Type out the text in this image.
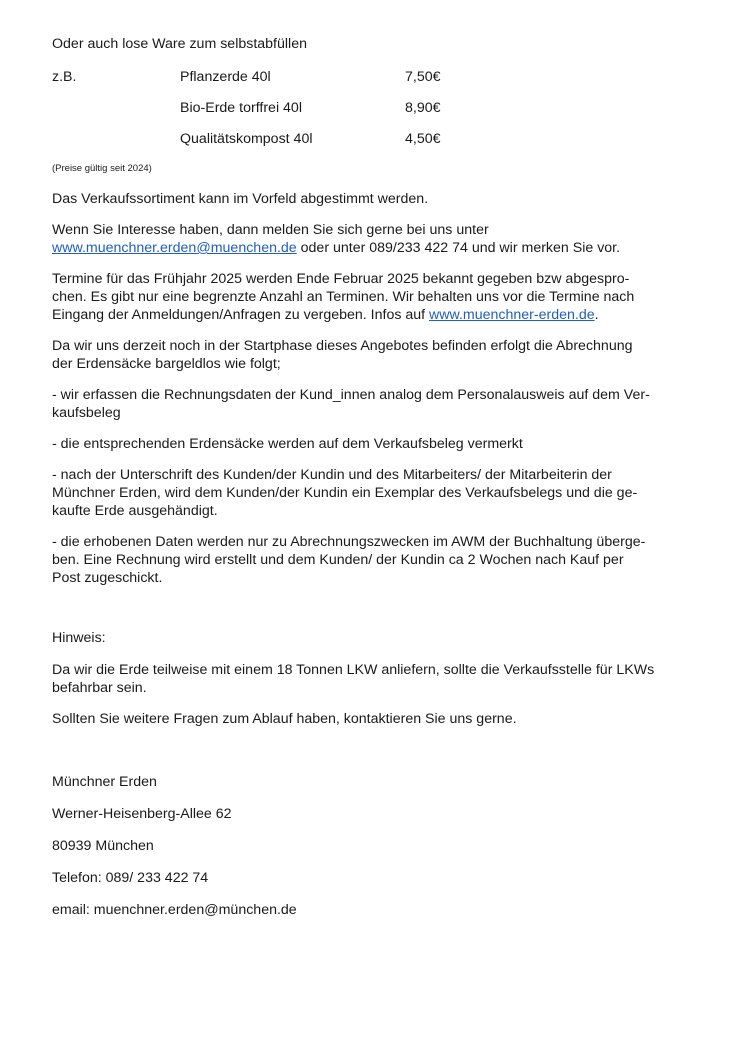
Oder auch lose Ware zum selbstabfüllen
z.B.	Pflanzerde 40l	7,50€
Bio-Erde torffrei 40l	8,90€
Qualitätskompost 40l	4,50€
(Preise gültig seit 2024)
Das Verkaufssortiment kann im Vorfeld abgestimmt werden.
Wenn Sie Interesse haben, dann melden Sie sich gerne bei uns unter
www.muenchner.erden@muenchen.de oder unter 089/233 422 74 und wir merken Sie vor.
Termine für das Frühjahr 2025 werden Ende Februar 2025 bekannt gegeben bzw abgespro-
chen. Es gibt nur eine begrenzte Anzahl an Terminen. Wir behalten uns vor die Termine nach
Eingang der Anmeldungen/Anfragen zu vergeben. Infos auf www.muenchner-erden.de.
Da wir uns derzeit noch in der Startphase dieses Angebotes befinden erfolgt die Abrechnung
der Erdensäcke bargeldlos wie folgt;
- wir erfassen die Rechnungsdaten der Kund_innen analog dem Personalausweis auf dem Ver-
kaufsbeleg
- die entsprechenden Erdensäcke werden auf dem Verkaufsbeleg vermerkt
- nach der Unterschrift des Kunden/der Kundin und des Mitarbeiters/ der Mitarbeiterin der
Münchner Erden, wird dem Kunden/der Kundin ein Exemplar des Verkaufsbelegs und die ge-
kaufte Erde ausgehändigt.
- die erhobenen Daten werden nur zu Abrechnungszwecken im AWM der Buchhaltung überge-
ben. Eine Rechnung wird erstellt und dem Kunden/ der Kundin ca 2 Wochen nach Kauf per
Post zugeschickt.
Hinweis:
Da wir die Erde teilweise mit einem 18 Tonnen LKW anliefern, sollte die Verkaufsstelle für LKWs
befahrbar sein.
Sollten Sie weitere Fragen zum Ablauf haben, kontaktieren Sie uns gerne.
Münchner Erden
Werner-Heisenberg-Allee 62
80939 München
Telefon: 089/ 233 422 74
email: muenchner.erden@münchen.de
